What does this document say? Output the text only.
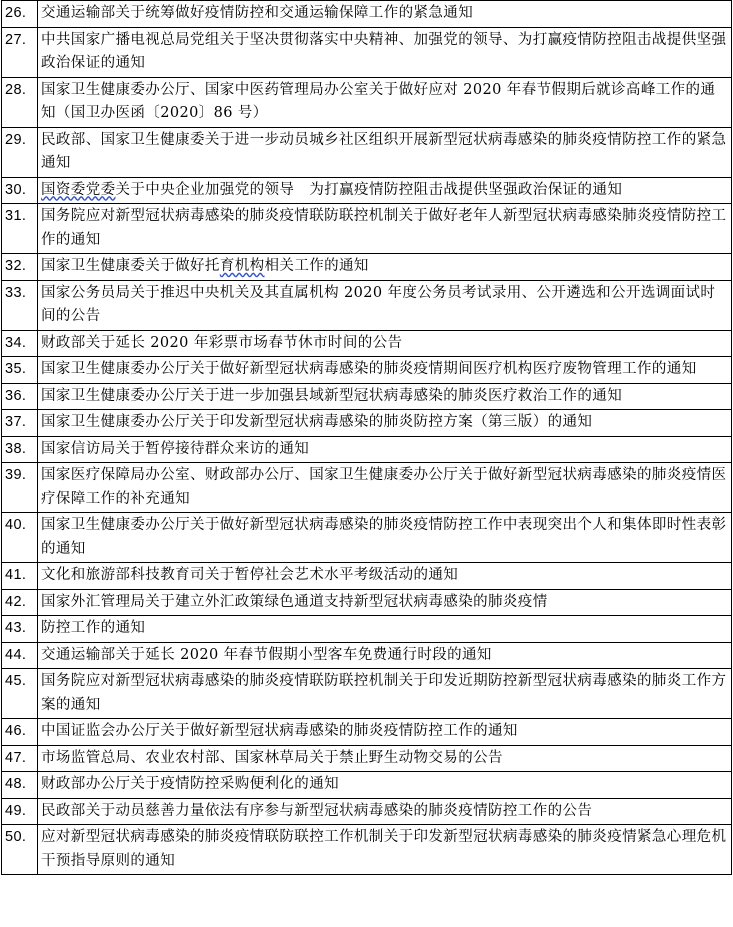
26.	交通运输部关于统筹做好疫情防控和交通运输保障工作的紧急通知
27.	中共国家广播电视总局党组关于坚决贯彻落实中央精神、加强党的领导、为打赢疫情防控阻击战提供坚强政治保证的通知
28.	国家卫生健康委办公厅、国家中医药管理局办公室关于做好应对 2020 年春节假期后就诊高峰工作的通知（国卫办医函〔2020〕86 号）
29.	民政部、国家卫生健康委关于进一步动员城乡社区组织开展新型冠状病毒感染的肺炎疫情防控工作的紧急通知
30.	国资委党委关于中央企业加强党的领导   为打赢疫情防控阻击战提供坚强政治保证的通知
31.	国务院应对新型冠状病毒感染的肺炎疫情联防联控机制关于做好老年人新型冠状病毒感染肺炎疫情防控工作的通知
32.	国家卫生健康委关于做好托育机构相关工作的通知
33.	国家公务员局关于推迟中央机关及其直属机构 2020 年度公务员考试录用、公开遴选和公开选调面试时间的公告
34.	财政部关于延长 2020 年彩票市场春节休市时间的公告
35.	国家卫生健康委办公厅关于做好新型冠状病毒感染的肺炎疫情期间医疗机构医疗废物管理工作的通知
36.	国家卫生健康委办公厅关于进一步加强县域新型冠状病毒感染的肺炎医疗救治工作的通知
37.	国家卫生健康委办公厅关于印发新型冠状病毒感染的肺炎防控方案（第三版）的通知
38.	国家信访局关于暂停接待群众来访的通知
39.	国家医疗保障局办公室、财政部办公厅、国家卫生健康委办公厅关于做好新型冠状病毒感染的肺炎疫情医疗保障工作的补充通知
40.	国家卫生健康委办公厅关于做好新型冠状病毒感染的肺炎疫情防控工作中表现突出个人和集体即时性表彰的通知
41.	文化和旅游部科技教育司关于暂停社会艺术水平考级活动的通知
42.	国家外汇管理局关于建立外汇政策绿色通道支持新型冠状病毒感染的肺炎疫情
43.	防控工作的通知
44.	交通运输部关于延长 2020 年春节假期小型客车免费通行时段的通知
45.	国务院应对新型冠状病毒感染的肺炎疫情联防联控机制关于印发近期防控新型冠状病毒感染的肺炎工作方案的通知
46.	中国证监会办公厅关于做好新型冠状病毒感染的肺炎疫情防控工作的通知
47.	市场监管总局、农业农村部、国家林草局关于禁止野生动物交易的公告
48.	财政部办公厅关于疫情防控采购便利化的通知
49.	民政部关于动员慈善力量依法有序参与新型冠状病毒感染的肺炎疫情防控工作的公告
50.	应对新型冠状病毒感染的肺炎疫情联防联控工作机制关于印发新型冠状病毒感染的肺炎疫情紧急心理危机干预指导原则的通知
